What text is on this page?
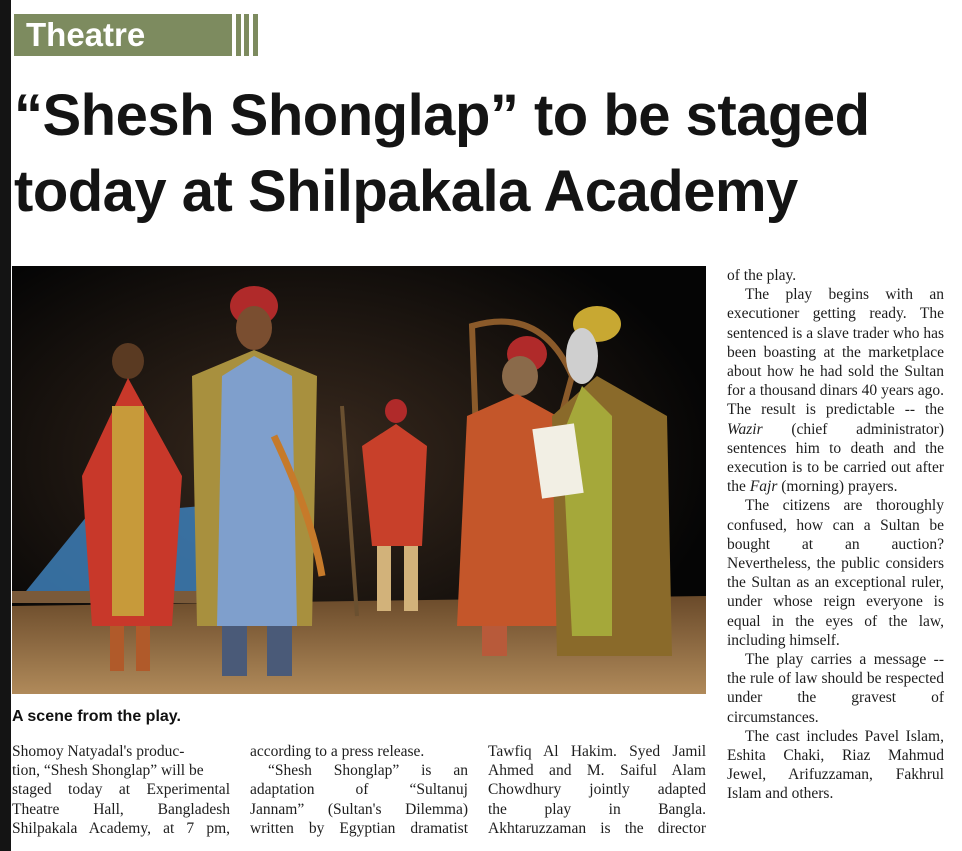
Theatre
“Shesh Shonglap” to be staged
today at Shilpakala Academy
A scene from the play.

Shomoy Natyadal's produc-

tion, “Shesh Shonglap” will be

staged today at Experimental

Theatre Hall, Bangladesh

Shilpakala Academy, at 7 pm,

according to a press release.

“Shesh Shonglap” is an

adaptation of “Sultanuj

Jannam” (Sultan's Dilemma)

written by Egyptian dramatist

Tawfiq Al Hakim. Syed Jamil

Ahmed and M. Saiful Alam

Chowdhury jointly adapted

the play in Bangla.

Akhtaruzzaman is the director

of the play.

The play begins with an executioner getting ready. The sentenced is a slave trader who has been boasting at the marketplace about how he had sold the Sultan for a thousand dinars 40 years ago. The result is predictable -- the Wazir (chief administrator) sentences him to death and the execution is to be carried out after the Fajr (morning) prayers.

The citizens are thoroughly confused, how can a Sultan be bought at an auction? Nevertheless, the public considers the Sultan as an exceptional ruler, under whose reign everyone is equal in the eyes of the law, including himself.

The play carries a message -- the rule of law should be respected under the gravest of circumstances.

The cast includes Pavel Islam, Eshita Chaki, Riaz Mahmud Jewel, Arifuzzaman, Fakhrul Islam and others.
